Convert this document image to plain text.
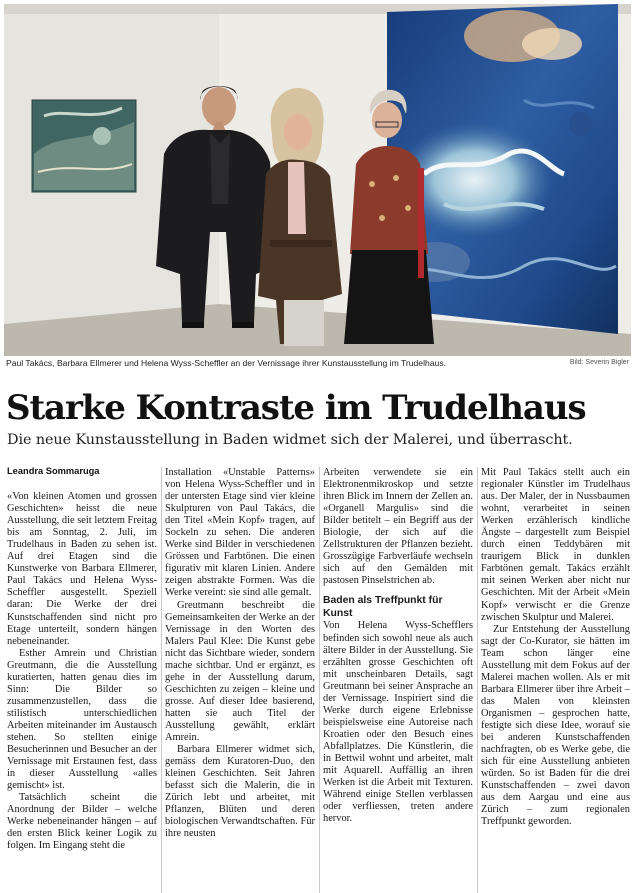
Paul Takács, Barbara Ellmerer und Helena Wyss-Scheffler an der Vernissage ihrer Kunstausstellung im Trudelhaus.	Bild: Severin Bigler
Starke Kontraste im Trudelhaus
Die neue Kunstausstellung in Baden widmet sich der Malerei, und überrascht.
Leandra Sommaruga

«Von kleinen Atomen und grossen Geschichten» heisst die neue Ausstellung, die seit letztem Freitag bis am Sonntag, 2. Juli, im Trudelhaus in Baden zu sehen ist. Auf drei Etagen sind die Kunstwerke von Barbara Ellmerer, Paul Takács und Helena Wyss-Scheffler ausgestellt. Speziell daran: Die Werke der drei Kunstschaffenden sind nicht pro Etage unterteilt, sondern hängen nebeneinander.

Esther Amrein und Christian Greutmann, die die Ausstellung kuratierten, hatten genau dies im Sinn: Die Bilder so zusammenzustellen, dass die stilistisch unterschiedlichen Arbeiten miteinander im Austausch stehen. So stellten einige Besucherinnen und Besucher an der Vernissage mit Erstaunen fest, dass in dieser Ausstellung «alles gemischt» ist.

Tatsächlich scheint die Anordnung der Bilder – welche Werke nebeneinander hängen – auf den ersten Blick keiner Logik zu folgen. Im Eingang steht die

Installation «Unstable Patterns» von Helena Wyss-Scheffler und in der untersten Etage sind vier kleine Skulpturen von Paul Takács, die den Titel «Mein Kopf» tragen, auf Sockeln zu sehen. Die anderen Werke sind Bilder in verschiedenen Grössen und Farbtönen. Die einen figurativ mit klaren Linien. Andere zeigen abstrakte Formen. Was die Werke vereint: sie sind alle gemalt.

Greutmann beschreibt die Gemeinsamkeiten der Werke an der Vernissage in den Worten des Malers Paul Klee: Die Kunst gebe nicht das Sichtbare wieder, sondern mache sichtbar. Und er ergänzt, es gehe in der Ausstellung darum, Geschichten zu zeigen – kleine und grosse. Auf dieser Idee basierend, hatten sie auch Titel der Ausstellung gewählt, erklärt Amrein.

Barbara Ellmerer widmet sich, gemäss dem Kuratoren-Duo, den kleinen Geschichten. Seit Jahren befasst sich die Malerin, die in Zürich lebt und arbeitet, mit Pflanzen, Blüten und deren biologischen Verwandtschaften. Für ihre neusten

Arbeiten verwendete sie ein Elektronenmikroskop und setzte ihren Blick im Innern der Zellen an. «Organell Margulis» sind die Bilder betitelt – ein Begriff aus der Biologie, der sich auf die Zellstrukturen der Pflanzen bezieht. Grosszügige Farbverläufe wechseln sich auf den Gemälden mit pastosen Pinselstrichen ab.

Baden als Treffpunkt für Kunst

Von Helena Wyss-Schefflers befinden sich sowohl neue als auch ältere Bilder in der Ausstellung. Sie erzählten grosse Geschichten oft mit unscheinbaren Details, sagt Greutmann bei seiner Ansprache an der Vernissage. Inspiriert sind die Werke durch eigene Erlebnisse beispielsweise eine Autoreise nach Kroatien oder den Besuch eines Abfallplatzes. Die Künstlerin, die in Bettwil wohnt und arbeitet, malt mit Aquarell. Auffällig an ihren Werken ist die Arbeit mit Texturen. Während einige Stellen verblassen oder verfliessen, treten andere hervor.

Mit Paul Takács stellt auch ein regionaler Künstler im Trudelhaus aus. Der Maler, der in Nussbaumen wohnt, verarbeitet in seinen Werken erzählerisch kindliche Ängste – dargestellt zum Beispiel durch einen Teddybären mit traurigem Blick in dunklen Farbtönen gemalt. Takács erzählt mit seinen Werken aber nicht nur Geschichten. Mit der Arbeit «Mein Kopf» verwischt er die Grenze zwischen Skulptur und Malerei.

Zur Entstehung der Ausstellung sagt der Co-Kurator, sie hätten im Team schon länger eine Ausstellung mit dem Fokus auf der Malerei machen wollen. Als er mit Barbara Ellmerer über ihre Arbeit – das Malen von kleinsten Organismen – gesprochen hatte, festigte sich diese Idee, worauf sie bei anderen Kunstschaffenden nachfragten, ob es Werke gebe, die sich für eine Ausstellung anbieten würden. So ist Baden für die drei Kunstschaffenden – zwei davon aus dem Aargau und eine aus Zürich – zum regionalen Treffpunkt geworden.
